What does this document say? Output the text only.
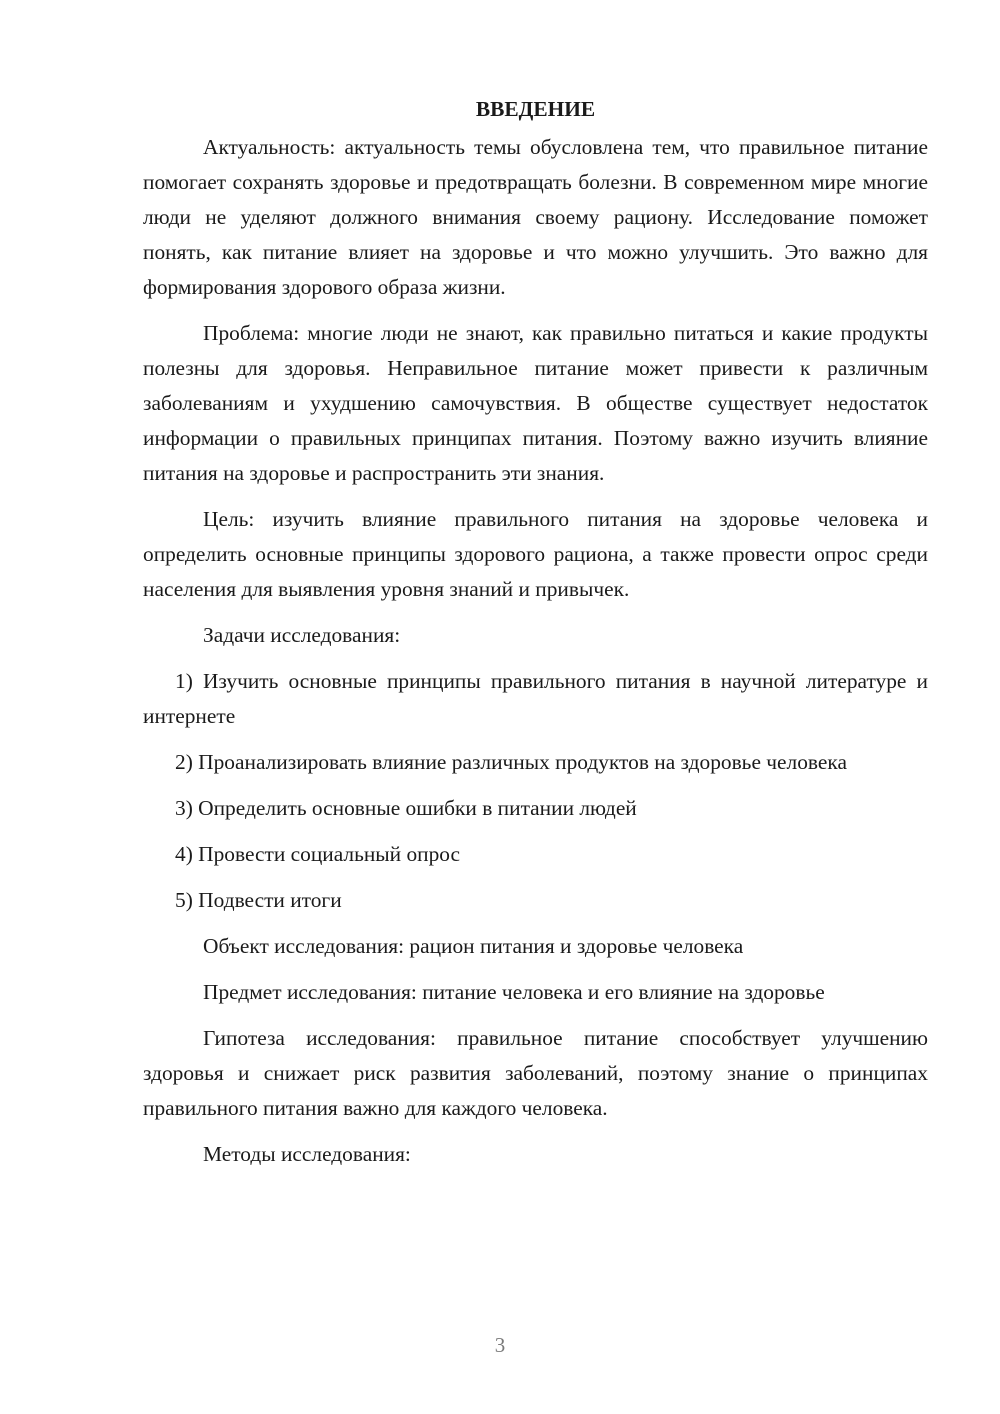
ВВЕДЕНИЕ

Актуальность: актуальность темы обусловлена тем, что правильное питание помогает сохранять здоровье и предотвращать болезни. В современном мире многие люди не уделяют должного внимания своему рациону. Исследование поможет понять, как питание влияет на здоровье и что можно улучшить. Это важно для формирования здорового образа жизни.

Проблема: многие люди не знают, как правильно питаться и какие продукты полезны для здоровья. Неправильное питание может привести к различным заболеваниям и ухудшению самочувствия. В обществе существует недостаток информации о правильных принципах питания. Поэтому важно изучить влияние питания на здоровье и распространить эти знания.

Цель: изучить влияние правильного питания на здоровье человека и определить основные принципы здорового рациона, а также провести опрос среди населения для выявления уровня знаний и привычек.

Задачи исследования:

1) Изучить основные принципы правильного питания в научной литературе и интернете

2) Проанализировать влияние различных продуктов на здоровье человека

3) Определить основные ошибки в питании людей

4) Провести социальный опрос

5) Подвести итоги

Объект исследования: рацион питания и здоровье человека

Предмет исследования: питание человека и его влияние на здоровье

Гипотеза исследования: правильное питание способствует улучшению здоровья и снижает риск развития заболеваний, поэтому знание о принципах правильного питания важно для каждого человека.

Методы исследования:

3
